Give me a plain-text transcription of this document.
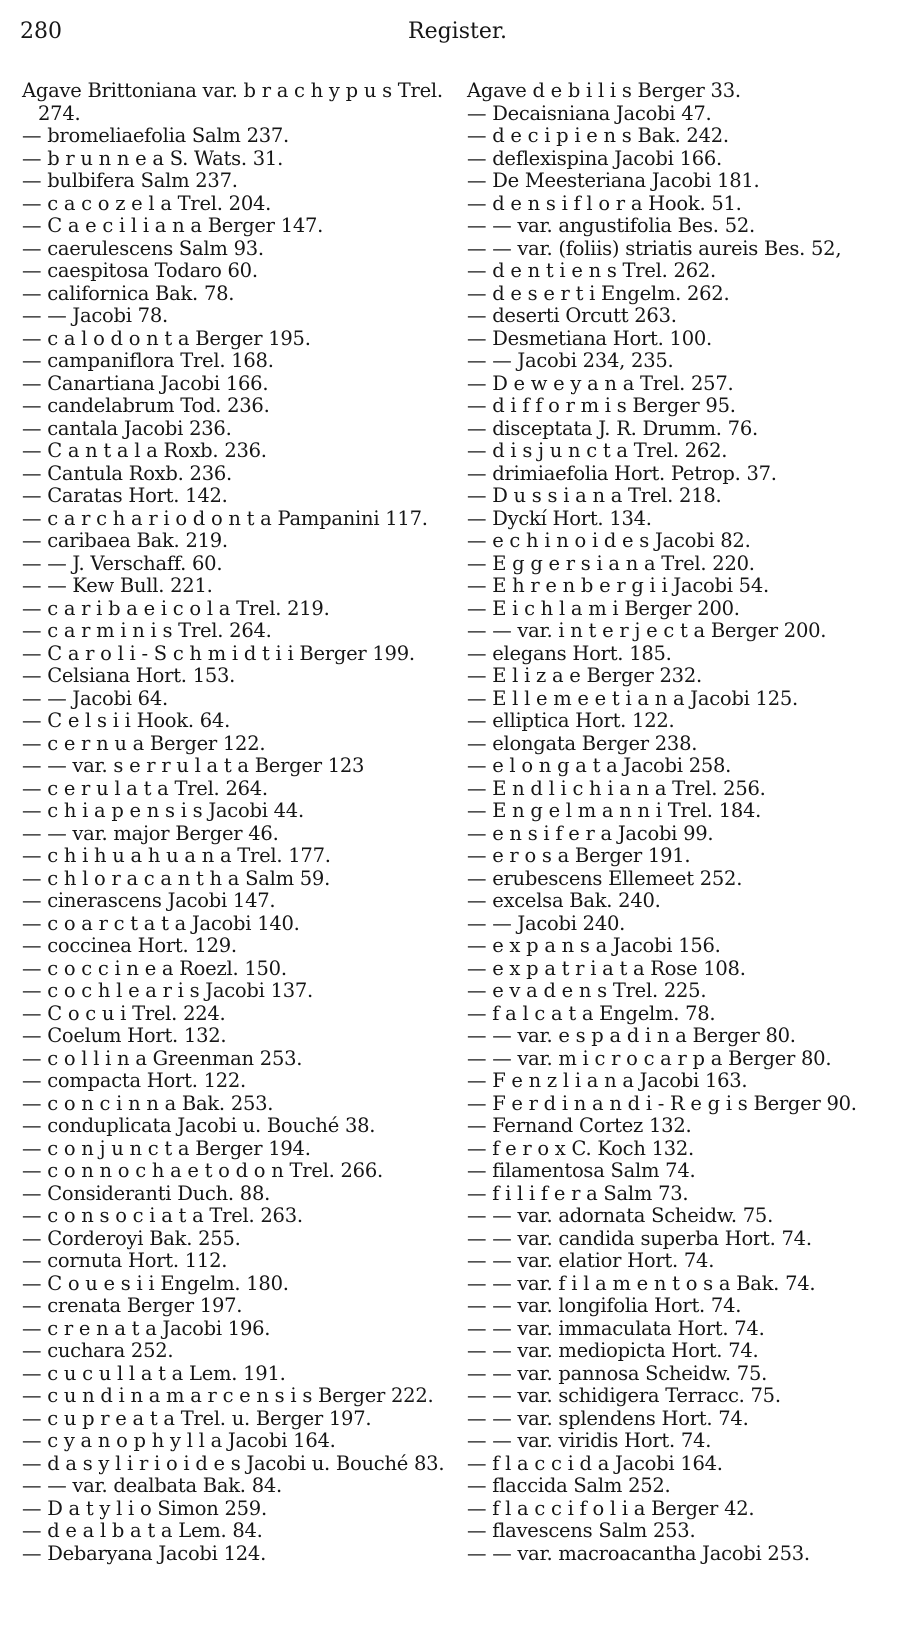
280	Register.
Agave Brittoniana var. b r a c h y p u s Trel.
274.
— bromeliaefolia Salm 237.
— b r u n n e a S. Wats. 31.
— bulbifera Salm 237.
— c a c o z e l a Trel. 204.
— C a e c i l i a n a Berger 147.
— caerulescens Salm 93.
— caespitosa Todaro 60.
— californica Bak. 78.
— — Jacobi 78.
— c a l o d o n t a Berger 195.
— campaniflora Trel. 168.
— Canartiana Jacobi 166.
— candelabrum Tod. 236.
— cantala Jacobi 236.
— C a n t a l a Roxb. 236.
— Cantula Roxb. 236.
— Caratas Hort. 142.
— c a r c h a r i o d o n t a Pampanini 117.
— caribaea Bak. 219.
— — J. Verschaff. 60.
— — Kew Bull. 221.
— c a r i b a e i c o l a Trel. 219.
— c a r m i n i s Trel. 264.
— C a r o l i - S c h m i d t i i Berger 199.
— Celsiana Hort. 153.
— — Jacobi 64.
— C e l s i i Hook. 64.
— c e r n u a Berger 122.
— — var. s e r r u l a t a Berger 123
— c e r u l a t a Trel. 264.
— c h i a p e n s i s Jacobi 44.
— — var. major Berger 46.
— c h i h u a h u a n a Trel. 177.
— c h l o r a c a n t h a Salm 59.
— cinerascens Jacobi 147.
— c o a r c t a t a Jacobi 140.
— coccinea Hort. 129.
— c o c c i n e a Roezl. 150.
— c o c h l e a r i s Jacobi 137.
— C o c u i Trel. 224.
— Coelum Hort. 132.
— c o l l i n a Greenman 253.
— compacta Hort. 122.
— c o n c i n n a Bak. 253.
— conduplicata Jacobi u. Bouché 38.
— c o n j u n c t a Berger 194.
— c o n n o c h a e t o d o n Trel. 266.
— Consideranti Duch. 88.
— c o n s o c i a t a Trel. 263.
— Corderoyi Bak. 255.
— cornuta Hort. 112.
— C o u e s i i Engelm. 180.
— crenata Berger 197.
— c r e n a t a Jacobi 196.
— cuchara 252.
— c u c u l l a t a Lem. 191.
— c u n d i n a m a r c e n s i s Berger 222.
— c u p r e a t a Trel. u. Berger 197.
— c y a n o p h y l l a Jacobi 164.
— d a s y l i r i o i d e s Jacobi u. Bouché 83.
— — var. dealbata Bak. 84.
— D a t y l i o Simon 259.
— d e a l b a t a Lem. 84.
— Debaryana Jacobi 124.
Agave d e b i l i s Berger 33.
— Decaisniana Jacobi 47.
— d e c i p i e n s Bak. 242.
— deflexispina Jacobi 166.
— De Meesteriana Jacobi 181.
— d e n s i f l o r a Hook. 51.
— — var. angustifolia Bes. 52.
— — var. (foliis) striatis aureis Bes. 52,
— d e n t i e n s Trel. 262.
— d e s e r t i Engelm. 262.
— deserti Orcutt 263.
— Desmetiana Hort. 100.
— — Jacobi 234, 235.
— D e w e y a n a Trel. 257.
— d i f f o r m i s Berger 95.
— disceptata J. R. Drumm. 76.
— d i s j u n c t a Trel. 262.
— drimiaefolia Hort. Petrop. 37.
— D u s s i a n a Trel. 218.
— Dyckí Hort. 134.
— e c h i n o i d e s Jacobi 82.
— E g g e r s i a n a Trel. 220.
— E h r e n b e r g i i Jacobi 54.
— E i c h l a m i Berger 200.
— — var. i n t e r j e c t a Berger 200.
— elegans Hort. 185.
— E l i z a e Berger 232.
— E l l e m e e t i a n a Jacobi 125.
— elliptica Hort. 122.
— elongata Berger 238.
— e l o n g a t a Jacobi 258.
— E n d l i c h i a n a Trel. 256.
— E n g e l m a n n i Trel. 184.
— e n s i f e r a Jacobi 99.
— e r o s a Berger 191.
— erubescens Ellemeet 252.
— excelsa Bak. 240.
— — Jacobi 240.
— e x p a n s a Jacobi 156.
— e x p a t r i a t a Rose 108.
— e v a d e n s Trel. 225.
— f a l c a t a Engelm. 78.
— — var. e s p a d i n a Berger 80.
— — var. m i c r o c a r p a Berger 80.
— F e n z l i a n a Jacobi 163.
— F e r d i n a n d i - R e g i s Berger 90.
— Fernand Cortez 132.
— f e r o x C. Koch 132.
— filamentosa Salm 74.
— f i l i f e r a Salm 73.
— — var. adornata Scheidw. 75.
— — var. candida superba Hort. 74.
— — var. elatior Hort. 74.
— — var. f i l a m e n t o s a Bak. 74.
— — var. longifolia Hort. 74.
— — var. immaculata Hort. 74.
— — var. mediopicta Hort. 74.
— — var. pannosa Scheidw. 75.
— — var. schidigera Terracc. 75.
— — var. splendens Hort. 74.
— — var. viridis Hort. 74.
— f l a c c i d a Jacobi 164.
— flaccida Salm 252.
— f l a c c i f o l i a Berger 42.
— flavescens Salm 253.
— — var. macroacantha Jacobi 253.
